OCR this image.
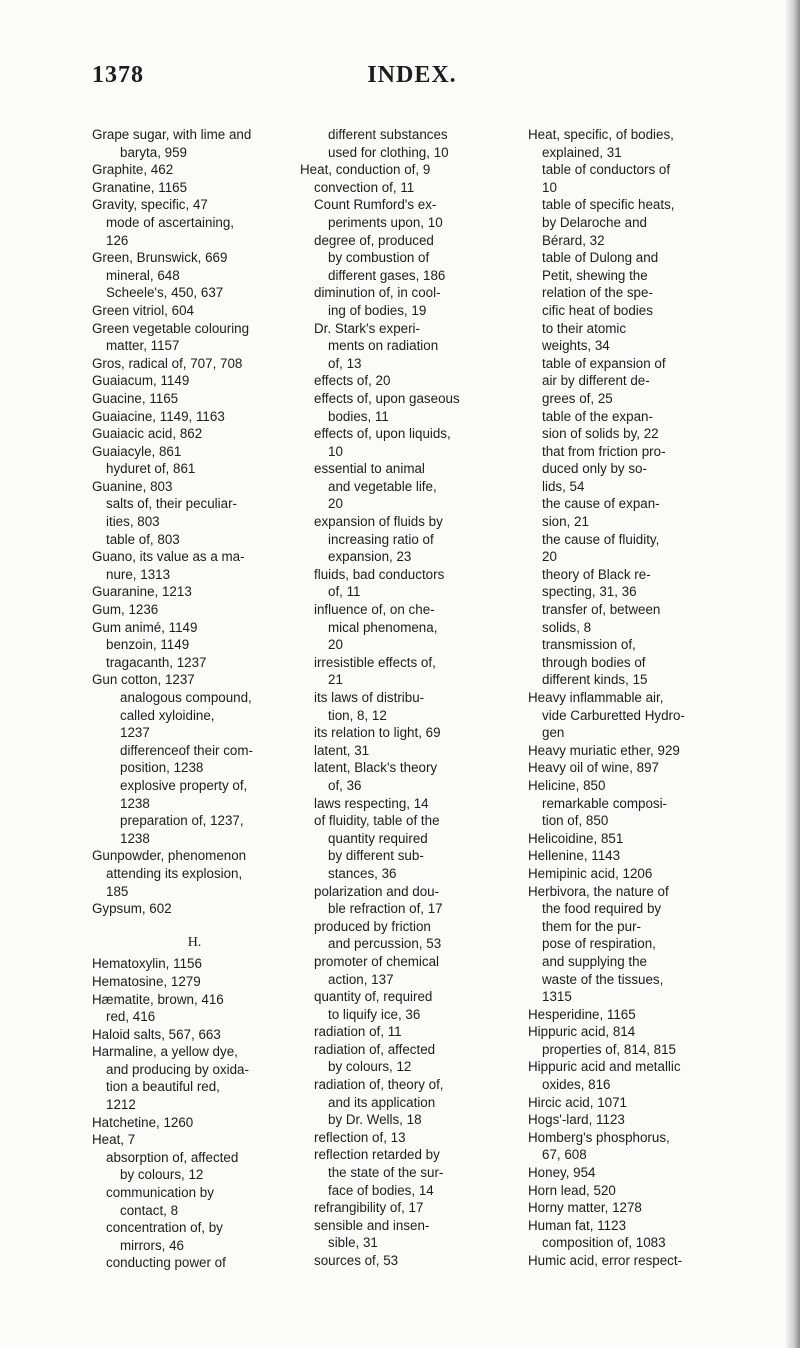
INDEX.
1378
Grape sugar, with lime and
baryta, 959
Graphite, 462
Granatine, 1165
Gravity, specific, 47
mode of ascertaining,
126
Green, Brunswick, 669
mineral, 648
Scheele's, 450, 637
Green vitriol, 604
Green vegetable colouring
matter, 1157
Gros, radical of, 707, 708
Guaiacum, 1149
Guacine, 1165
Guaiacine, 1149, 1163
Guaiacic acid, 862
Guaiacyle, 861
hyduret of, 861
Guanine, 803
salts of, their peculiar-
ities, 803
table of, 803
Guano, its value as a ma-
nure, 1313
Guaranine, 1213
Gum, 1236
Gum animé, 1149
benzoin, 1149
tragacanth, 1237
Gun cotton, 1237
analogous compound,
called xyloidine,
1237
differenceof their com-
position, 1238
explosive property of,
1238
preparation of, 1237,
1238
Gunpowder, phenomenon
attending its explosion,
185
Gypsum, 602
H.
Hematoxylin, 1156
Hematosine, 1279
Hæmatite, brown, 416
red, 416
Haloid salts, 567, 663
Harmaline, a yellow dye,
and producing by oxida-
tion a beautiful red,
1212
Hatchetine, 1260
Heat, 7
absorption of, affected
by colours, 12
communication by
contact, 8
concentration of, by
mirrors, 46
conducting power of
different substances
used for clothing, 10
Heat, conduction of, 9
convection of, 11
Count Rumford's ex-
periments upon, 10
degree of, produced
by combustion of
different gases, 186
diminution of, in cool-
ing of bodies, 19
Dr. Stark's experi-
ments on radiation
of, 13
effects of, 20
effects of, upon gaseous
bodies, 11
effects of, upon liquids,
10
essential to animal
and vegetable life,
20
expansion of fluids by
increasing ratio of
expansion, 23
fluids, bad conductors
of, 11
influence of, on che-
mical phenomena,
20
irresistible effects of,
21
its laws of distribu-
tion, 8, 12
its relation to light, 69
latent, 31
latent, Black's theory
of, 36
laws respecting, 14
of fluidity, table of the
quantity required
by different sub-
stances, 36
polarization and dou-
ble refraction of, 17
produced by friction
and percussion, 53
promoter of chemical
action, 137
quantity of, required
to liquify ice, 36
radiation of, 11
radiation of, affected
by colours, 12
radiation of, theory of,
and its application
by Dr. Wells, 18
reflection of, 13
reflection retarded by
the state of the sur-
face of bodies, 14
refrangibility of, 17
sensible and insen-
sible, 31
sources of, 53
Heat, specific, of bodies,
explained, 31
table of conductors of
10
table of specific heats,
by Delaroche and
Bérard, 32
table of Dulong and
Petit, shewing the
relation of the spe-
cific heat of bodies
to their atomic
weights, 34
table of expansion of
air by different de-
grees of, 25
table of the expan-
sion of solids by, 22
that from friction pro-
duced only by so-
lids, 54
the cause of expan-
sion, 21
the cause of fluidity,
20
theory of Black re-
specting, 31, 36
transfer of, between
solids, 8
transmission of,
through bodies of
different kinds, 15
Heavy inflammable air,
vide Carburetted Hydro-
gen
Heavy muriatic ether, 929
Heavy oil of wine, 897
Helicine, 850
remarkable composi-
tion of, 850
Helicoidine, 851
Hellenine, 1143
Hemipinic acid, 1206
Herbivora, the nature of
the food required by
them for the pur-
pose of respiration,
and supplying the
waste of the tissues,
1315
Hesperidine, 1165
Hippuric acid, 814
properties of, 814, 815
Hippuric acid and metallic
oxides, 816
Hircic acid, 1071
Hogs'-lard, 1123
Homberg's phosphorus,
67, 608
Honey, 954
Horn lead, 520
Horny matter, 1278
Human fat, 1123
composition of, 1083
Humic acid, error respect-
